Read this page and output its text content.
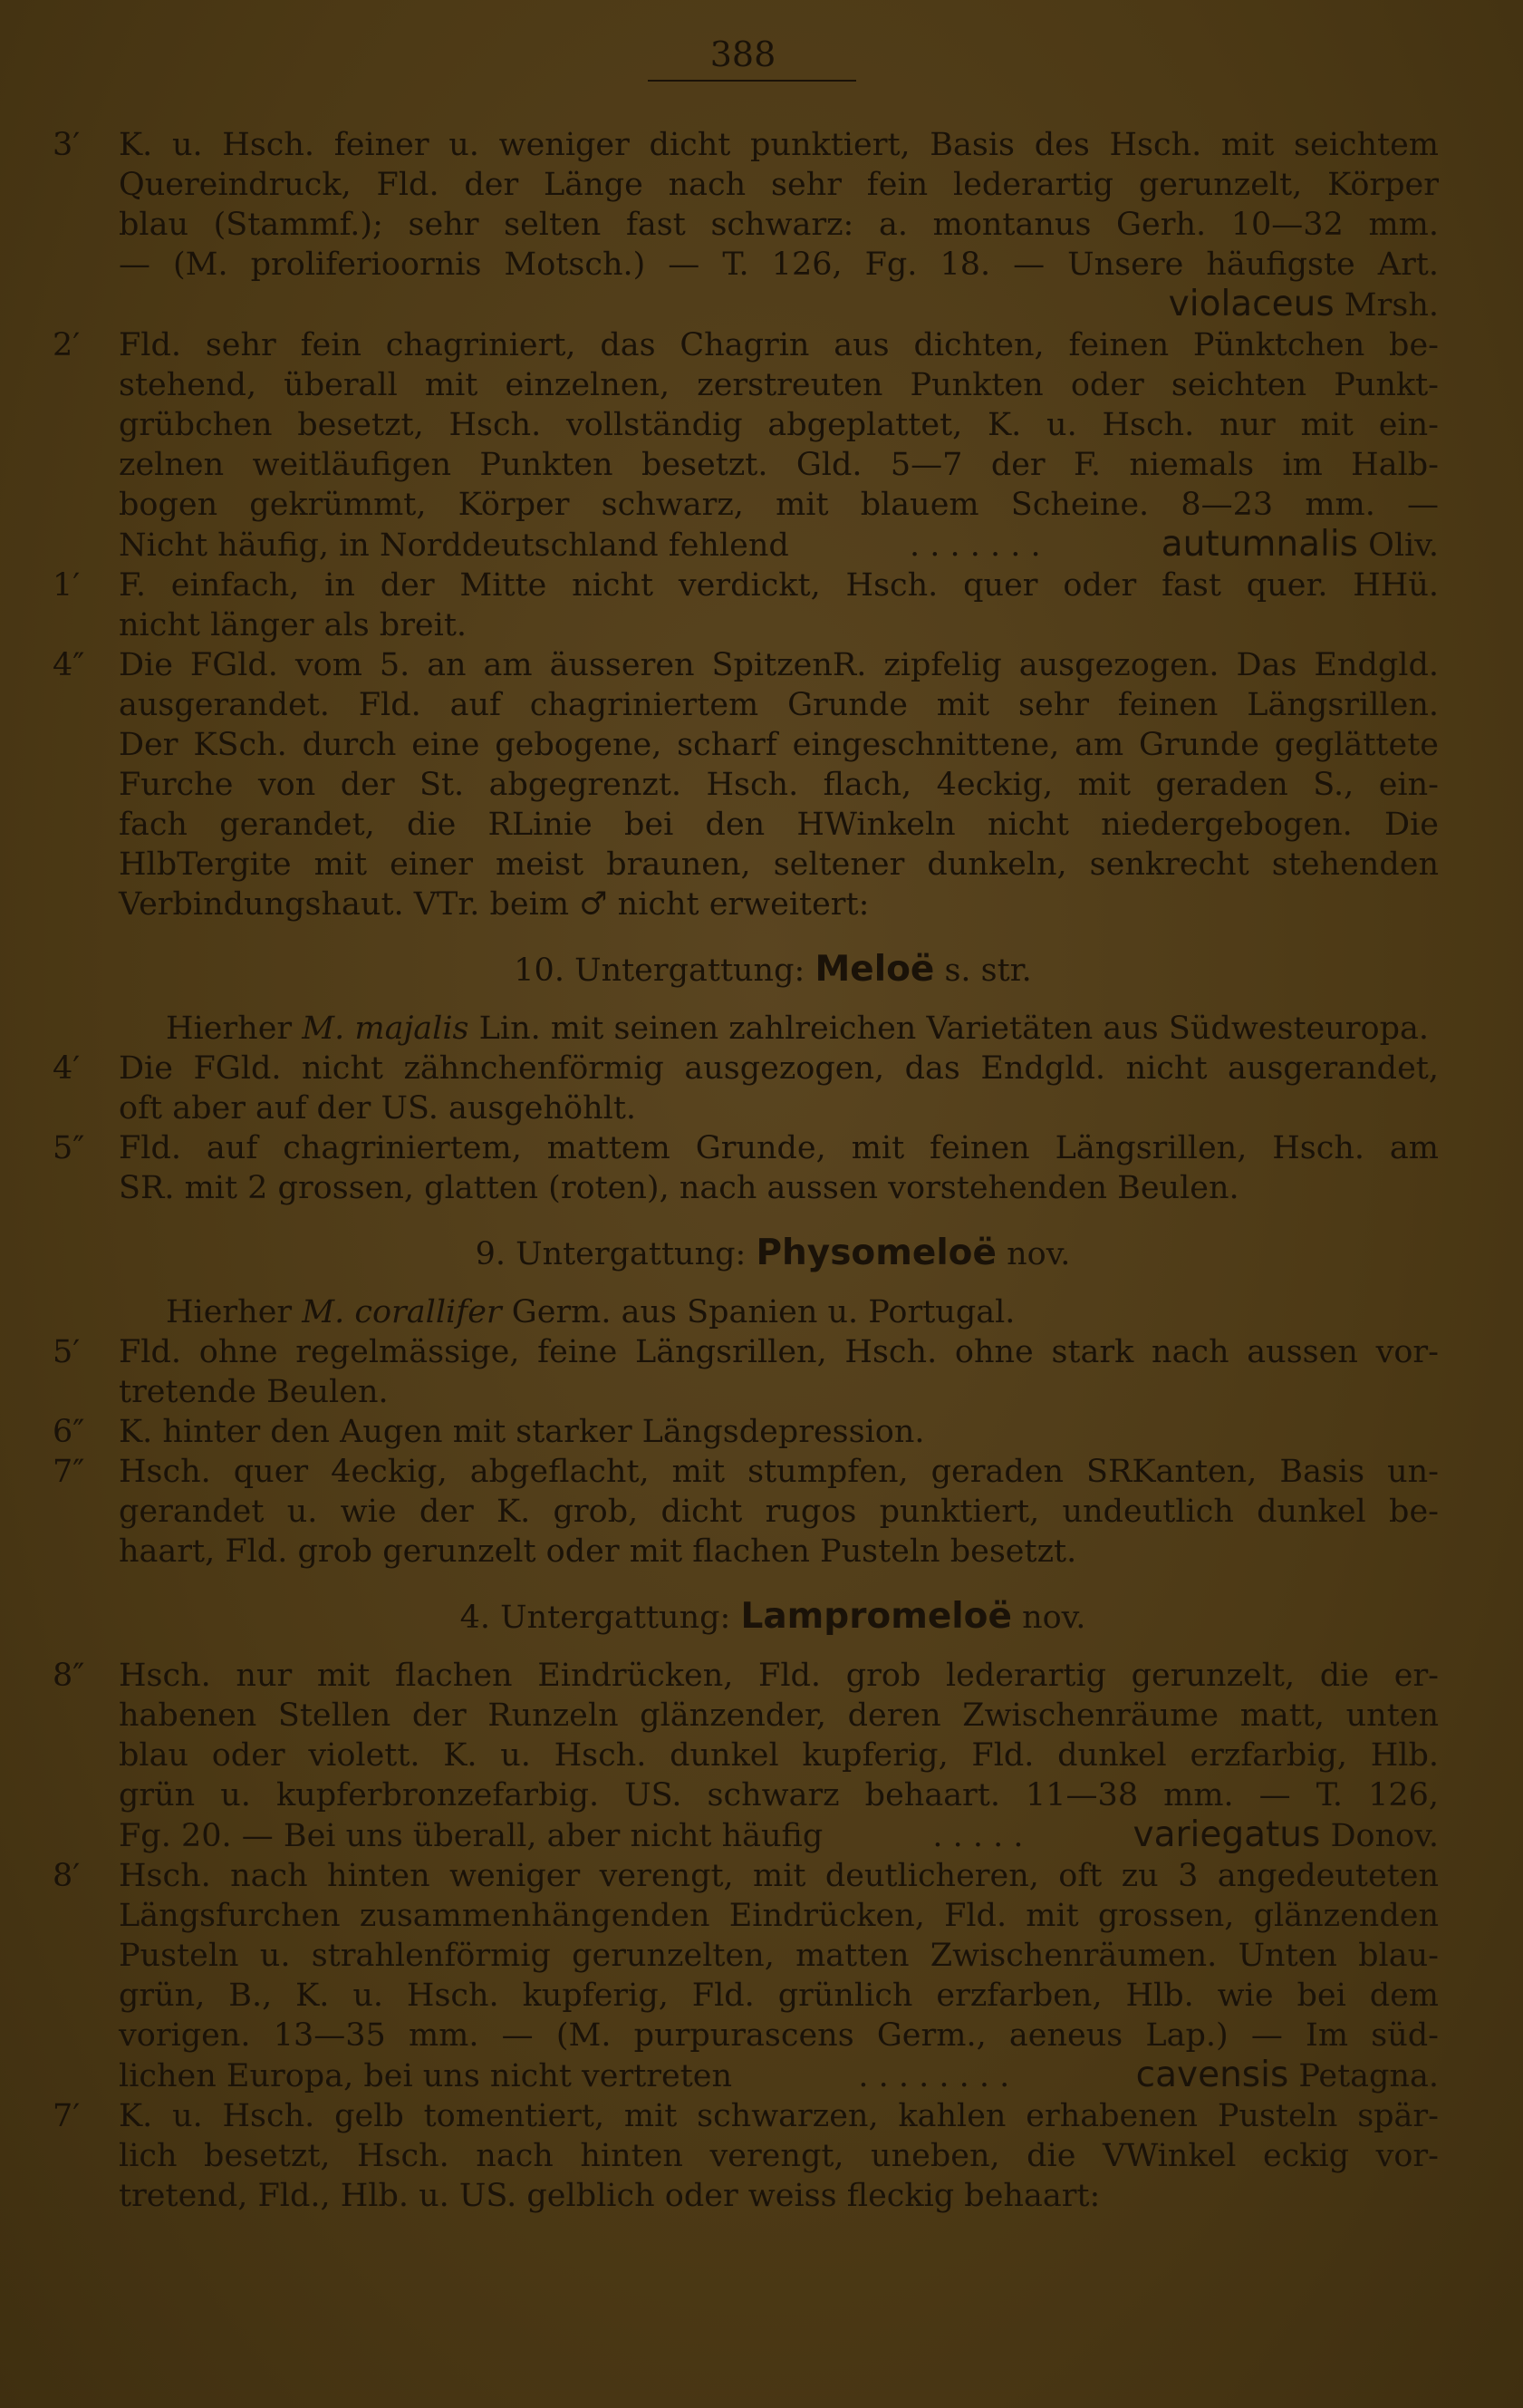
388
3′	K. u. Hsch. feiner u. weniger dicht punktiert, Basis des Hsch. mit seichtem
Quereindruck, Fld. der Länge nach sehr fein lederartig gerunzelt, Körper
blau (Stammf.); sehr selten fast schwarz: a. montanus Gerh. 10—32 mm.
— (M. proliferioornis Motsch.) — T. 126, Fg. 18. — Unsere häufigste Art.
violaceus Mrsh.
2′	Fld. sehr fein chagriniert, das Chagrin aus dichten, feinen Pünktchen be-
stehend, überall mit einzelnen, zerstreuten Punkten oder seichten Punkt-
grübchen besetzt, Hsch. vollständig abgeplattet, K. u. Hsch. nur mit ein-
zelnen weitläufigen Punkten besetzt. Gld. 5—7 der F. niemals im Halb-
bogen gekrümmt, Körper schwarz, mit blauem Scheine. 8—23 mm. —
Nicht häufig, in Norddeutschland fehlend	. . . . . . .	autumnalis Oliv.
1′	F. einfach, in der Mitte nicht verdickt, Hsch. quer oder fast quer. HHü.
nicht länger als breit.
4″	Die FGld. vom 5. an am äusseren SpitzenR. zipfelig ausgezogen. Das Endgld.
ausgerandet. Fld. auf chagriniertem Grunde mit sehr feinen Längsrillen.
Der KSch. durch eine gebogene, scharf eingeschnittene, am Grunde geglättete
Furche von der St. abgegrenzt. Hsch. flach, 4eckig, mit geraden S., ein-
fach gerandet, die RLinie bei den HWinkeln nicht niedergebogen. Die
HlbTergite mit einer meist braunen, seltener dunkeln, senkrecht stehenden
Verbindungshaut. VTr. beim ♂ nicht erweitert:
10. Untergattung: Meloë s. str.
Hierher M. majalis Lin. mit seinen zahlreichen Varietäten aus Südwesteuropa.
4′	Die FGld. nicht zähnchenförmig ausgezogen, das Endgld. nicht ausgerandet,
oft aber auf der US. ausgehöhlt.
5″	Fld. auf chagriniertem, mattem Grunde, mit feinen Längsrillen, Hsch. am
SR. mit 2 grossen, glatten (roten), nach aussen vorstehenden Beulen.
9. Untergattung: Physomeloë nov.
Hierher M. corallifer Germ. aus Spanien u. Portugal.
5′	Fld. ohne regelmässige, feine Längsrillen, Hsch. ohne stark nach aussen vor-
tretende Beulen.
6″	K. hinter den Augen mit starker Längsdepression.
7″	Hsch. quer 4eckig, abgeflacht, mit stumpfen, geraden SRKanten, Basis un-
gerandet u. wie der K. grob, dicht rugos punktiert, undeutlich dunkel be-
haart, Fld. grob gerunzelt oder mit flachen Pusteln besetzt.
4. Untergattung: Lampromeloë nov.
8″	Hsch. nur mit flachen Eindrücken, Fld. grob lederartig gerunzelt, die er-
habenen Stellen der Runzeln glänzender, deren Zwischenräume matt, unten
blau oder violett. K. u. Hsch. dunkel kupferig, Fld. dunkel erzfarbig, Hlb.
grün u. kupferbronzefarbig. US. schwarz behaart. 11—38 mm. — T. 126,
Fg. 20. — Bei uns überall, aber nicht häufig	. . . . .	variegatus Donov.
8′	Hsch. nach hinten weniger verengt, mit deutlicheren, oft zu 3 angedeuteten
Längsfurchen zusammenhängenden Eindrücken, Fld. mit grossen, glänzenden
Pusteln u. strahlenförmig gerunzelten, matten Zwischenräumen. Unten blau-
grün, B., K. u. Hsch. kupferig, Fld. grünlich erzfarben, Hlb. wie bei dem
vorigen. 13—35 mm. — (M. purpurascens Germ., aeneus Lap.) — Im süd-
lichen Europa, bei uns nicht vertreten	. . . . . . . .	cavensis Petagna.
7′	K. u. Hsch. gelb tomentiert, mit schwarzen, kahlen erhabenen Pusteln spär-
lich besetzt, Hsch. nach hinten verengt, uneben, die VWinkel eckig vor-
tretend, Fld., Hlb. u. US. gelblich oder weiss fleckig behaart:
